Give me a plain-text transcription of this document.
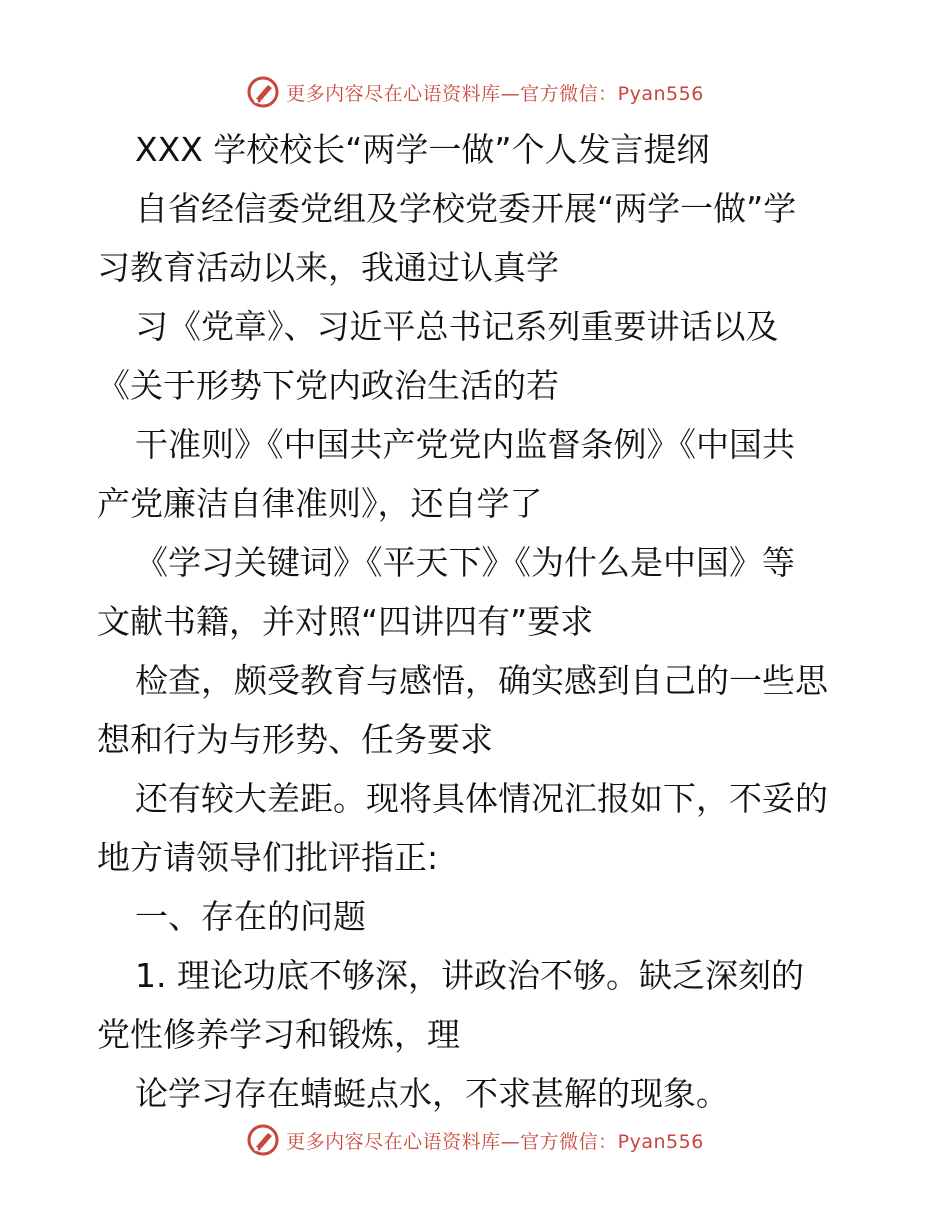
更多内容尽在心语资料库—官方微信：Pyan556
XXX 学校校长“两学一做”个人发言提纲
自省经信委党组及学校党委开展“两学一做”学
习教育活动以来，我通过认真学
习《党章》、习近平总书记系列重要讲话以及
《关于形势下党内政治生活的若
干准则》《中国共产党党内监督条例》《中国共
产党廉洁自律准则》，还自学了
《学习关键词》《平天下》《为什么是中国》等
文献书籍，并对照“四讲四有”要求
检查，颇受教育与感悟，确实感到自己的一些思
想和行为与形势、任务要求
还有较大差距。现将具体情况汇报如下，不妥的
地方请领导们批评指正:
一、存在的问题
1. 理论功底不够深，讲政治不够。缺乏深刻的
党性修养学习和锻炼，理
论学习存在蜻蜓点水，不求甚解的现象。
更多内容尽在心语资料库—官方微信：Pyan556
